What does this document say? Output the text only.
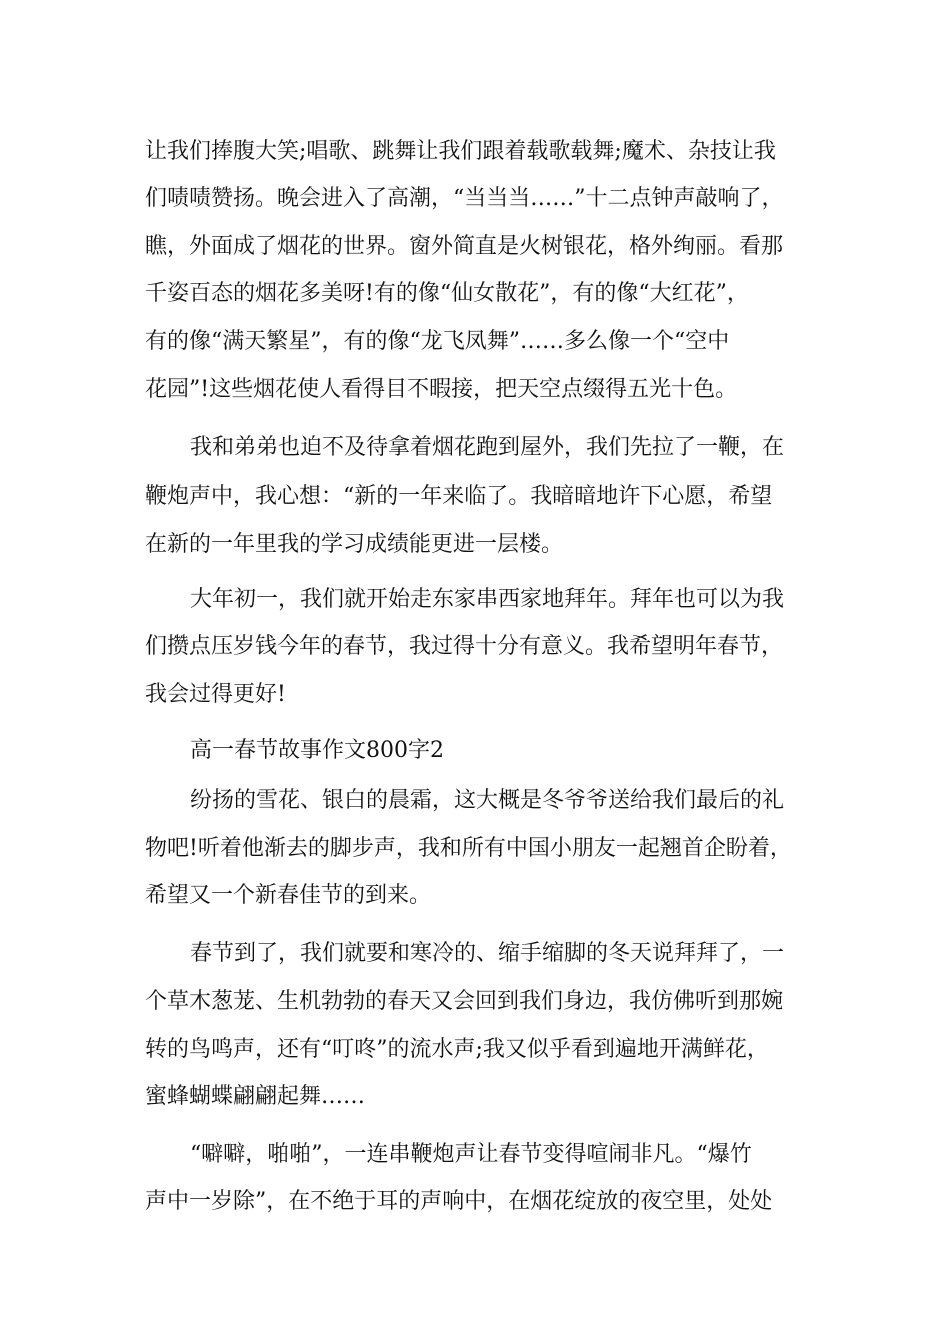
让我们捧腹大笑;唱歌、跳舞让我们跟着载歌载舞;魔术、杂技让我
们啧啧赞扬。晚会进入了高潮，“当当当……”十二点钟声敲响了，
瞧，外面成了烟花的世界。窗外简直是火树银花，格外绚丽。看那
千姿百态的烟花多美呀!有的像“仙女散花”，有的像“大红花”，
有的像“满天繁星”，有的像“龙飞凤舞”……多么像一个“空中
花园”!这些烟花使人看得目不暇接，把天空点缀得五光十色。
我和弟弟也迫不及待拿着烟花跑到屋外，我们先拉了一鞭，在
鞭炮声中，我心想：“新的一年来临了。我暗暗地许下心愿，希望
在新的一年里我的学习成绩能更进一层楼。
大年初一，我们就开始走东家串西家地拜年。拜年也可以为我
们攒点压岁钱今年的春节，我过得十分有意义。我希望明年春节，
我会过得更好!
高一春节故事作文800字2
纷扬的雪花、银白的晨霜，这大概是冬爷爷送给我们最后的礼
物吧!听着他渐去的脚步声，我和所有中国小朋友一起翘首企盼着，
希望又一个新春佳节的到来。
春节到了，我们就要和寒冷的、缩手缩脚的冬天说拜拜了，一
个草木葱茏、生机勃勃的春天又会回到我们身边，我仿佛听到那婉
转的鸟鸣声，还有“叮咚”的流水声;我又似乎看到遍地开满鲜花，
蜜蜂蝴蝶翩翩起舞……
“噼噼，啪啪”，一连串鞭炮声让春节变得喧闹非凡。“爆竹
声中一岁除”，在不绝于耳的声响中，在烟花绽放的夜空里，处处
